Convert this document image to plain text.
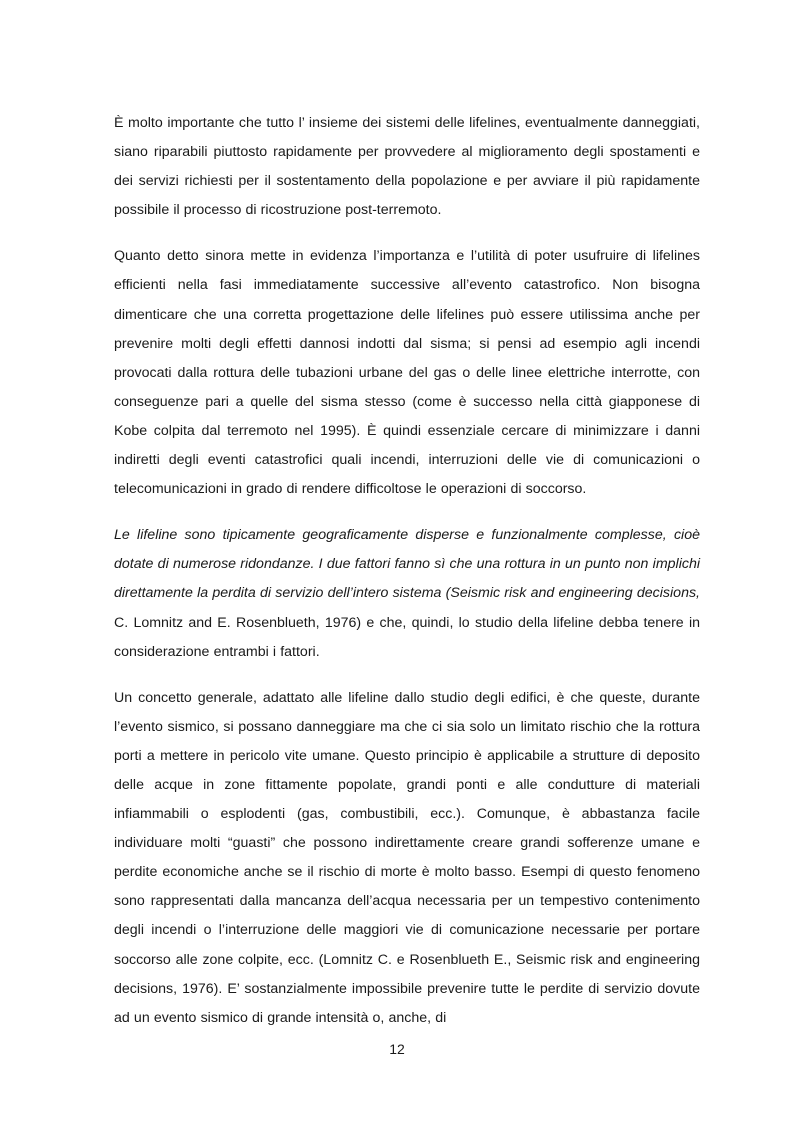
È molto importante che tutto l’ insieme dei sistemi delle lifelines, eventualmente danneggiati, siano riparabili piuttosto rapidamente per provvedere al miglioramento degli spostamenti e dei servizi richiesti per il sostentamento della popolazione e per avviare il più rapidamente possibile il processo di ricostruzione post-terremoto.

Quanto detto sinora mette in evidenza l’importanza e l’utilità di poter usufruire di lifelines efficienti nella fasi immediatamente successive all’evento catastrofico. Non bisogna dimenticare che una corretta progettazione delle lifelines può essere utilissima anche per prevenire molti degli effetti dannosi indotti dal sisma; si pensi ad esempio agli incendi provocati dalla rottura delle tubazioni urbane del gas o delle linee elettriche interrotte, con conseguenze pari a quelle del sisma stesso (come è successo nella città giapponese di Kobe colpita dal terremoto nel 1995). È quindi essenziale cercare di minimizzare i danni indiretti degli eventi catastrofici quali incendi, interruzioni delle vie di comunicazioni o telecomunicazioni in grado di rendere difficoltose le operazioni di soccorso.

Le lifeline sono tipicamente geograficamente disperse e funzionalmente complesse, cioè dotate di numerose ridondanze. I due fattori fanno sì che una rottura in un punto non implichi direttamente la perdita di servizio dell’intero sistema (Seismic risk and engineering decisions, C. Lomnitz and E. Rosenblueth, 1976) e che, quindi, lo studio della lifeline debba tenere in considerazione entrambi i fattori.

Un concetto generale, adattato alle lifeline dallo studio degli edifici, è che queste, durante l’evento sismico, si possano danneggiare ma che ci sia solo un limitato rischio che la rottura porti a mettere in pericolo vite umane. Questo principio è applicabile a strutture di deposito delle acque in zone fittamente popolate, grandi ponti e alle condutture di materiali infiammabili o esplodenti (gas, combustibili, ecc.). Comunque, è abbastanza facile individuare molti “guasti” che possono indirettamente creare grandi sofferenze umane e perdite economiche anche se il rischio di morte è molto basso. Esempi di questo fenomeno sono rappresentati dalla mancanza dell’acqua necessaria per un tempestivo contenimento degli incendi o l’interruzione delle maggiori vie di comunicazione necessarie per portare soccorso alle zone colpite, ecc. (Lomnitz C. e Rosenblueth E., Seismic risk and engineering decisions, 1976). E’ sostanzialmente impossibile prevenire tutte le perdite di servizio dovute ad un evento sismico di grande intensità o, anche, di

12
